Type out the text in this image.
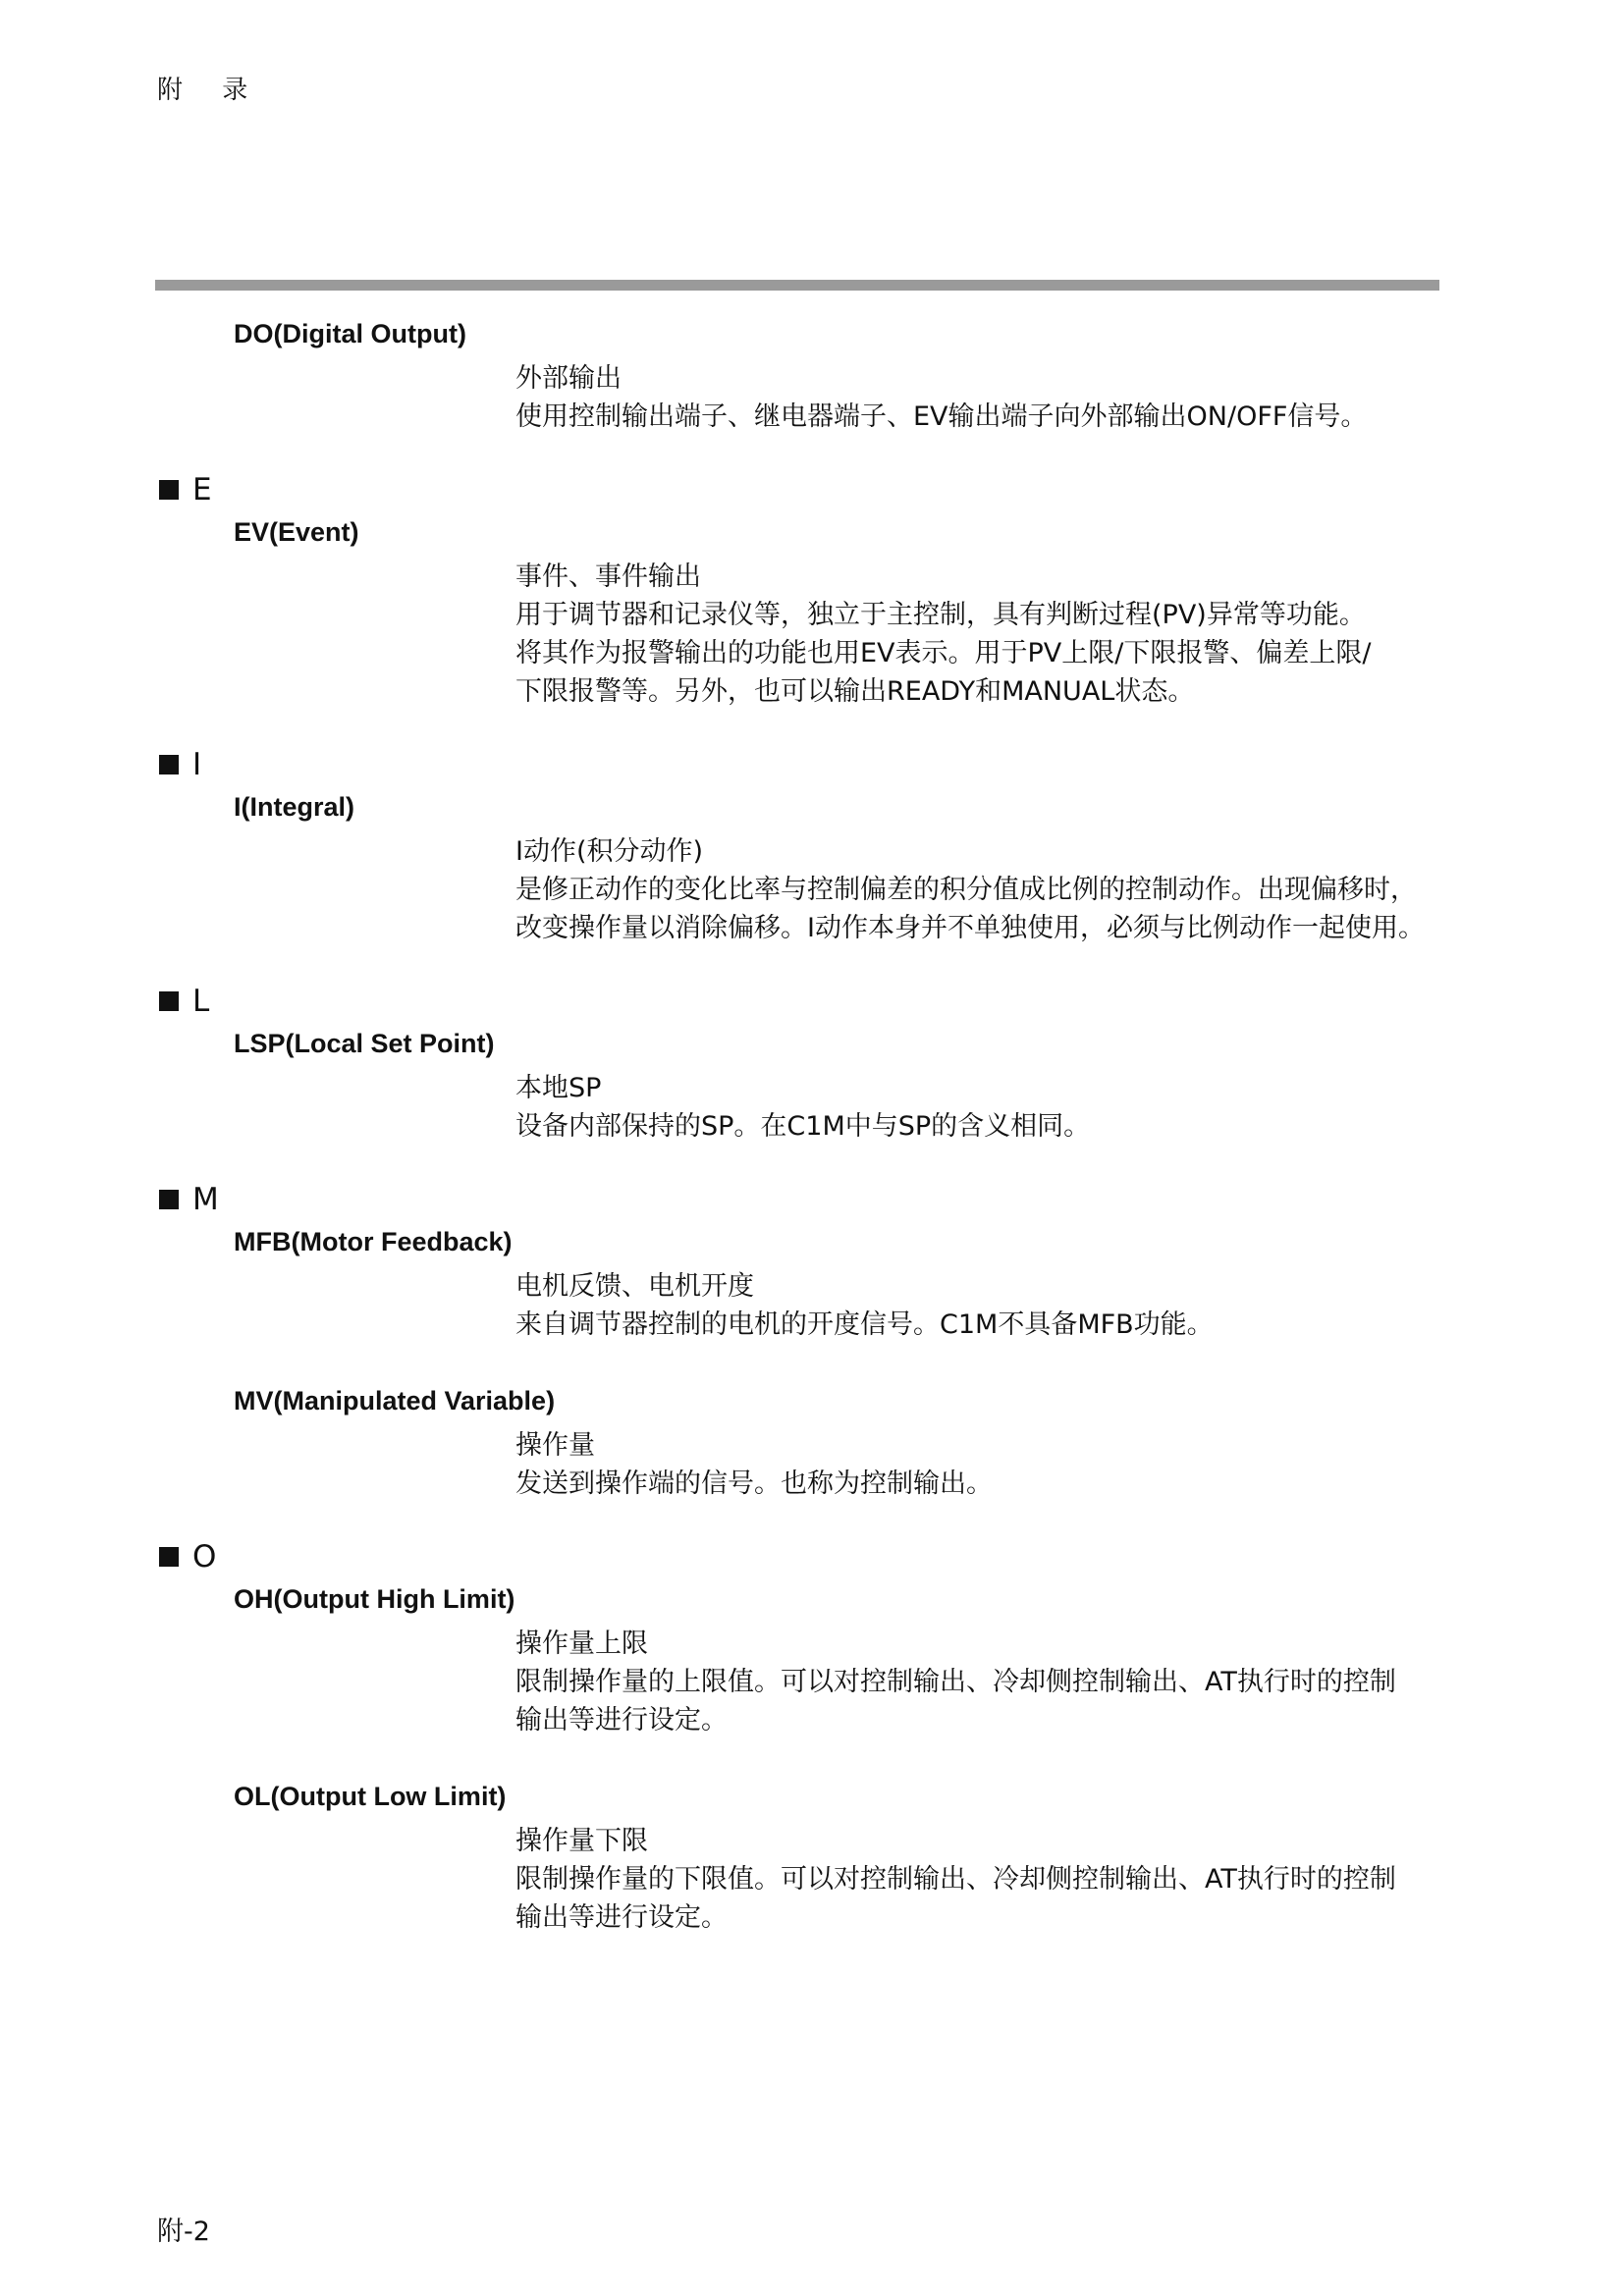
附 录
DO(Digital Output)
外部输出
使用控制输出端子、继电器端子、EV输出端子向外部输出ON/OFF信号。
E
EV(Event)
事件、事件输出
用于调节器和记录仪等，独立于主控制，具有判断过程(PV)异常等功能。
将其作为报警输出的功能也用EV表示。用于PV上限/下限报警、偏差上限/
下限报警等。另外，也可以输出READY和MANUAL状态。
I
I(Integral)
I动作(积分动作)
是修正动作的变化比率与控制偏差的积分值成比例的控制动作。出现偏移时，
改变操作量以消除偏移。I动作本身并不单独使用，必须与比例动作一起使用。
L
LSP(Local Set Point)
本地SP
设备内部保持的SP。在C1M中与SP的含义相同。
M
MFB(Motor Feedback)
电机反馈、电机开度
来自调节器控制的电机的开度信号。C1M不具备MFB功能。
MV(Manipulated Variable)
操作量
发送到操作端的信号。也称为控制输出。
O
OH(Output High Limit)
操作量上限
限制操作量的上限值。可以对控制输出、冷却侧控制输出、AT执行时的控制
输出等进行设定。
OL(Output Low Limit)
操作量下限
限制操作量的下限值。可以对控制输出、冷却侧控制输出、AT执行时的控制
输出等进行设定。
附-2
